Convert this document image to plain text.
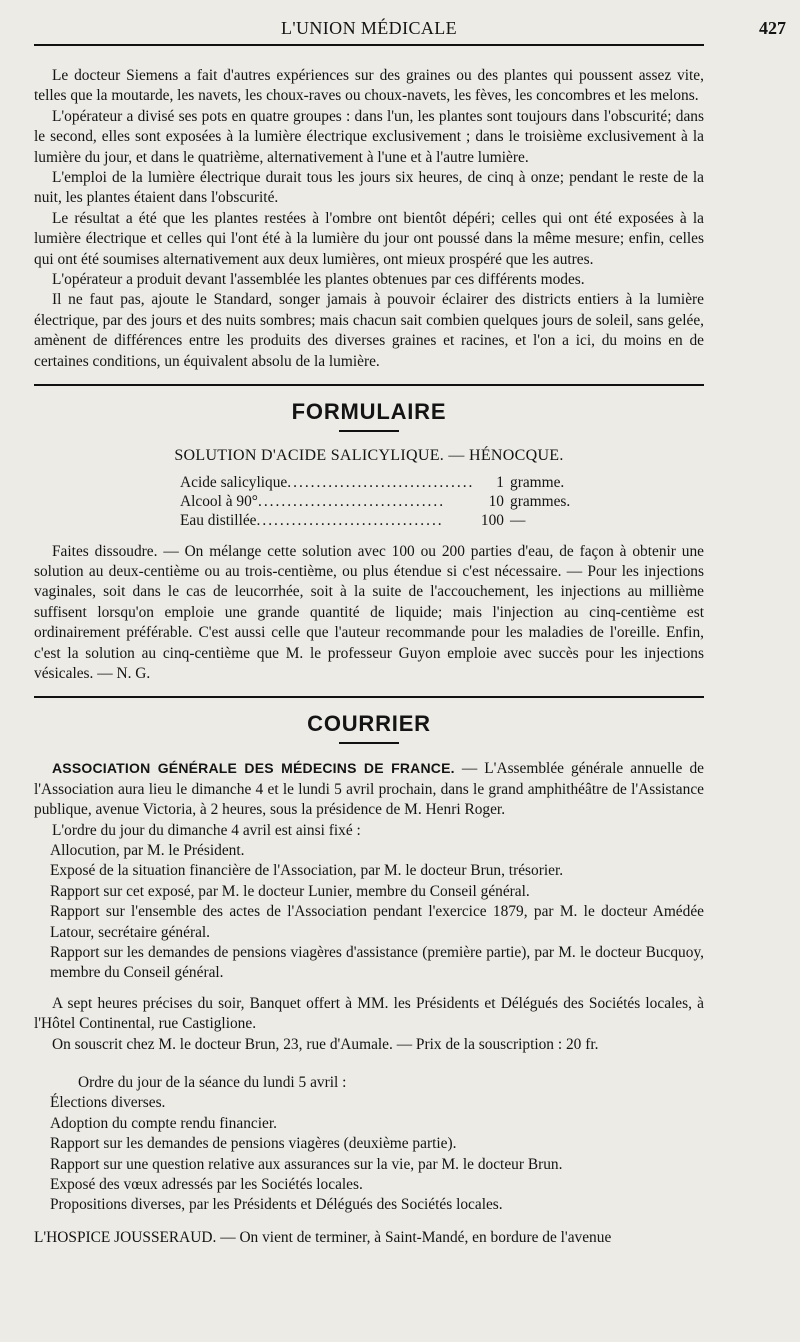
L'UNION MÉDICALE	427

Le docteur Siemens a fait d'autres expériences sur des graines ou des plantes qui poussent assez vite, telles que la moutarde, les navets, les choux-raves ou choux-navets, les fèves, les concombres et les melons.

L'opérateur a divisé ses pots en quatre groupes : dans l'un, les plantes sont toujours dans l'obscurité; dans le second, elles sont exposées à la lumière électrique exclusivement ; dans le troisième exclusivement à la lumière du jour, et dans le quatrième, alternativement à l'une et à l'autre lumière.

L'emploi de la lumière électrique durait tous les jours six heures, de cinq à onze; pendant le reste de la nuit, les plantes étaient dans l'obscurité.

Le résultat a été que les plantes restées à l'ombre ont bientôt dépéri; celles qui ont été exposées à la lumière électrique et celles qui l'ont été à la lumière du jour ont poussé dans la même mesure; enfin, celles qui ont été soumises alternativement aux deux lumières, ont mieux prospéré que les autres.

L'opérateur a produit devant l'assemblée les plantes obtenues par ces différents modes.

Il ne faut pas, ajoute le Standard, songer jamais à pouvoir éclairer des districts entiers à la lumière électrique, par des jours et des nuits sombres; mais chacun sait combien quelques jours de soleil, sans gelée, amènent de différences entre les produits des diverses graines et racines, et l'on a ici, du moins en de certaines conditions, un équivalent absolu de la lumière.

FORMULAIRE
SOLUTION D'ACIDE SALICYLIQUE. — HÉNOCQUE.
Acide salicylique................................	1	gramme.
Alcool à 90°................................	10	grammes.
Eau distillée................................	100	—

Faites dissoudre. — On mélange cette solution avec 100 ou 200 parties d'eau, de façon à obtenir une solution au deux-centième ou au trois-centième, ou plus étendue si c'est nécessaire. — Pour les injections vaginales, soit dans le cas de leucorrhée, soit à la suite de l'accouchement, les injections au millième suffisent lorsqu'on emploie une grande quantité de liquide; mais l'injection au cinq-centième est ordinairement préférable. C'est aussi celle que l'auteur recommande pour les maladies de l'oreille. Enfin, c'est la solution au cinq-centième que M. le professeur Guyon emploie avec succès pour les injections vésicales. — N. G.

COURRIER

ASSOCIATION GÉNÉRALE DES MÉDECINS DE FRANCE. — L'Assemblée générale annuelle de l'Association aura lieu le dimanche 4 et le lundi 5 avril prochain, dans le grand amphithéâtre de l'Assistance publique, avenue Victoria, à 2 heures, sous la présidence de M. Henri Roger.

L'ordre du jour du dimanche 4 avril est ainsi fixé :

Allocution, par M. le Président.

Exposé de la situation financière de l'Association, par M. le docteur Brun, trésorier.

Rapport sur cet exposé, par M. le docteur Lunier, membre du Conseil général.

Rapport sur l'ensemble des actes de l'Association pendant l'exercice 1879, par M. le docteur Amédée Latour, secrétaire général.

Rapport sur les demandes de pensions viagères d'assistance (première partie), par M. le docteur Bucquoy, membre du Conseil général.

A sept heures précises du soir, Banquet offert à MM. les Présidents et Délégués des Sociétés locales, à l'Hôtel Continental, rue Castiglione.

On souscrit chez M. le docteur Brun, 23, rue d'Aumale. — Prix de la souscription : 20 fr.

Ordre du jour de la séance du lundi 5 avril :

Élections diverses.

Adoption du compte rendu financier.

Rapport sur les demandes de pensions viagères (deuxième partie).

Rapport sur une question relative aux assurances sur la vie, par M. le docteur Brun.

Exposé des vœux adressés par les Sociétés locales.

Propositions diverses, par les Présidents et Délégués des Sociétés locales.

L'HOSPICE JOUSSERAUD. — On vient de terminer, à Saint-Mandé, en bordure de l'avenue
